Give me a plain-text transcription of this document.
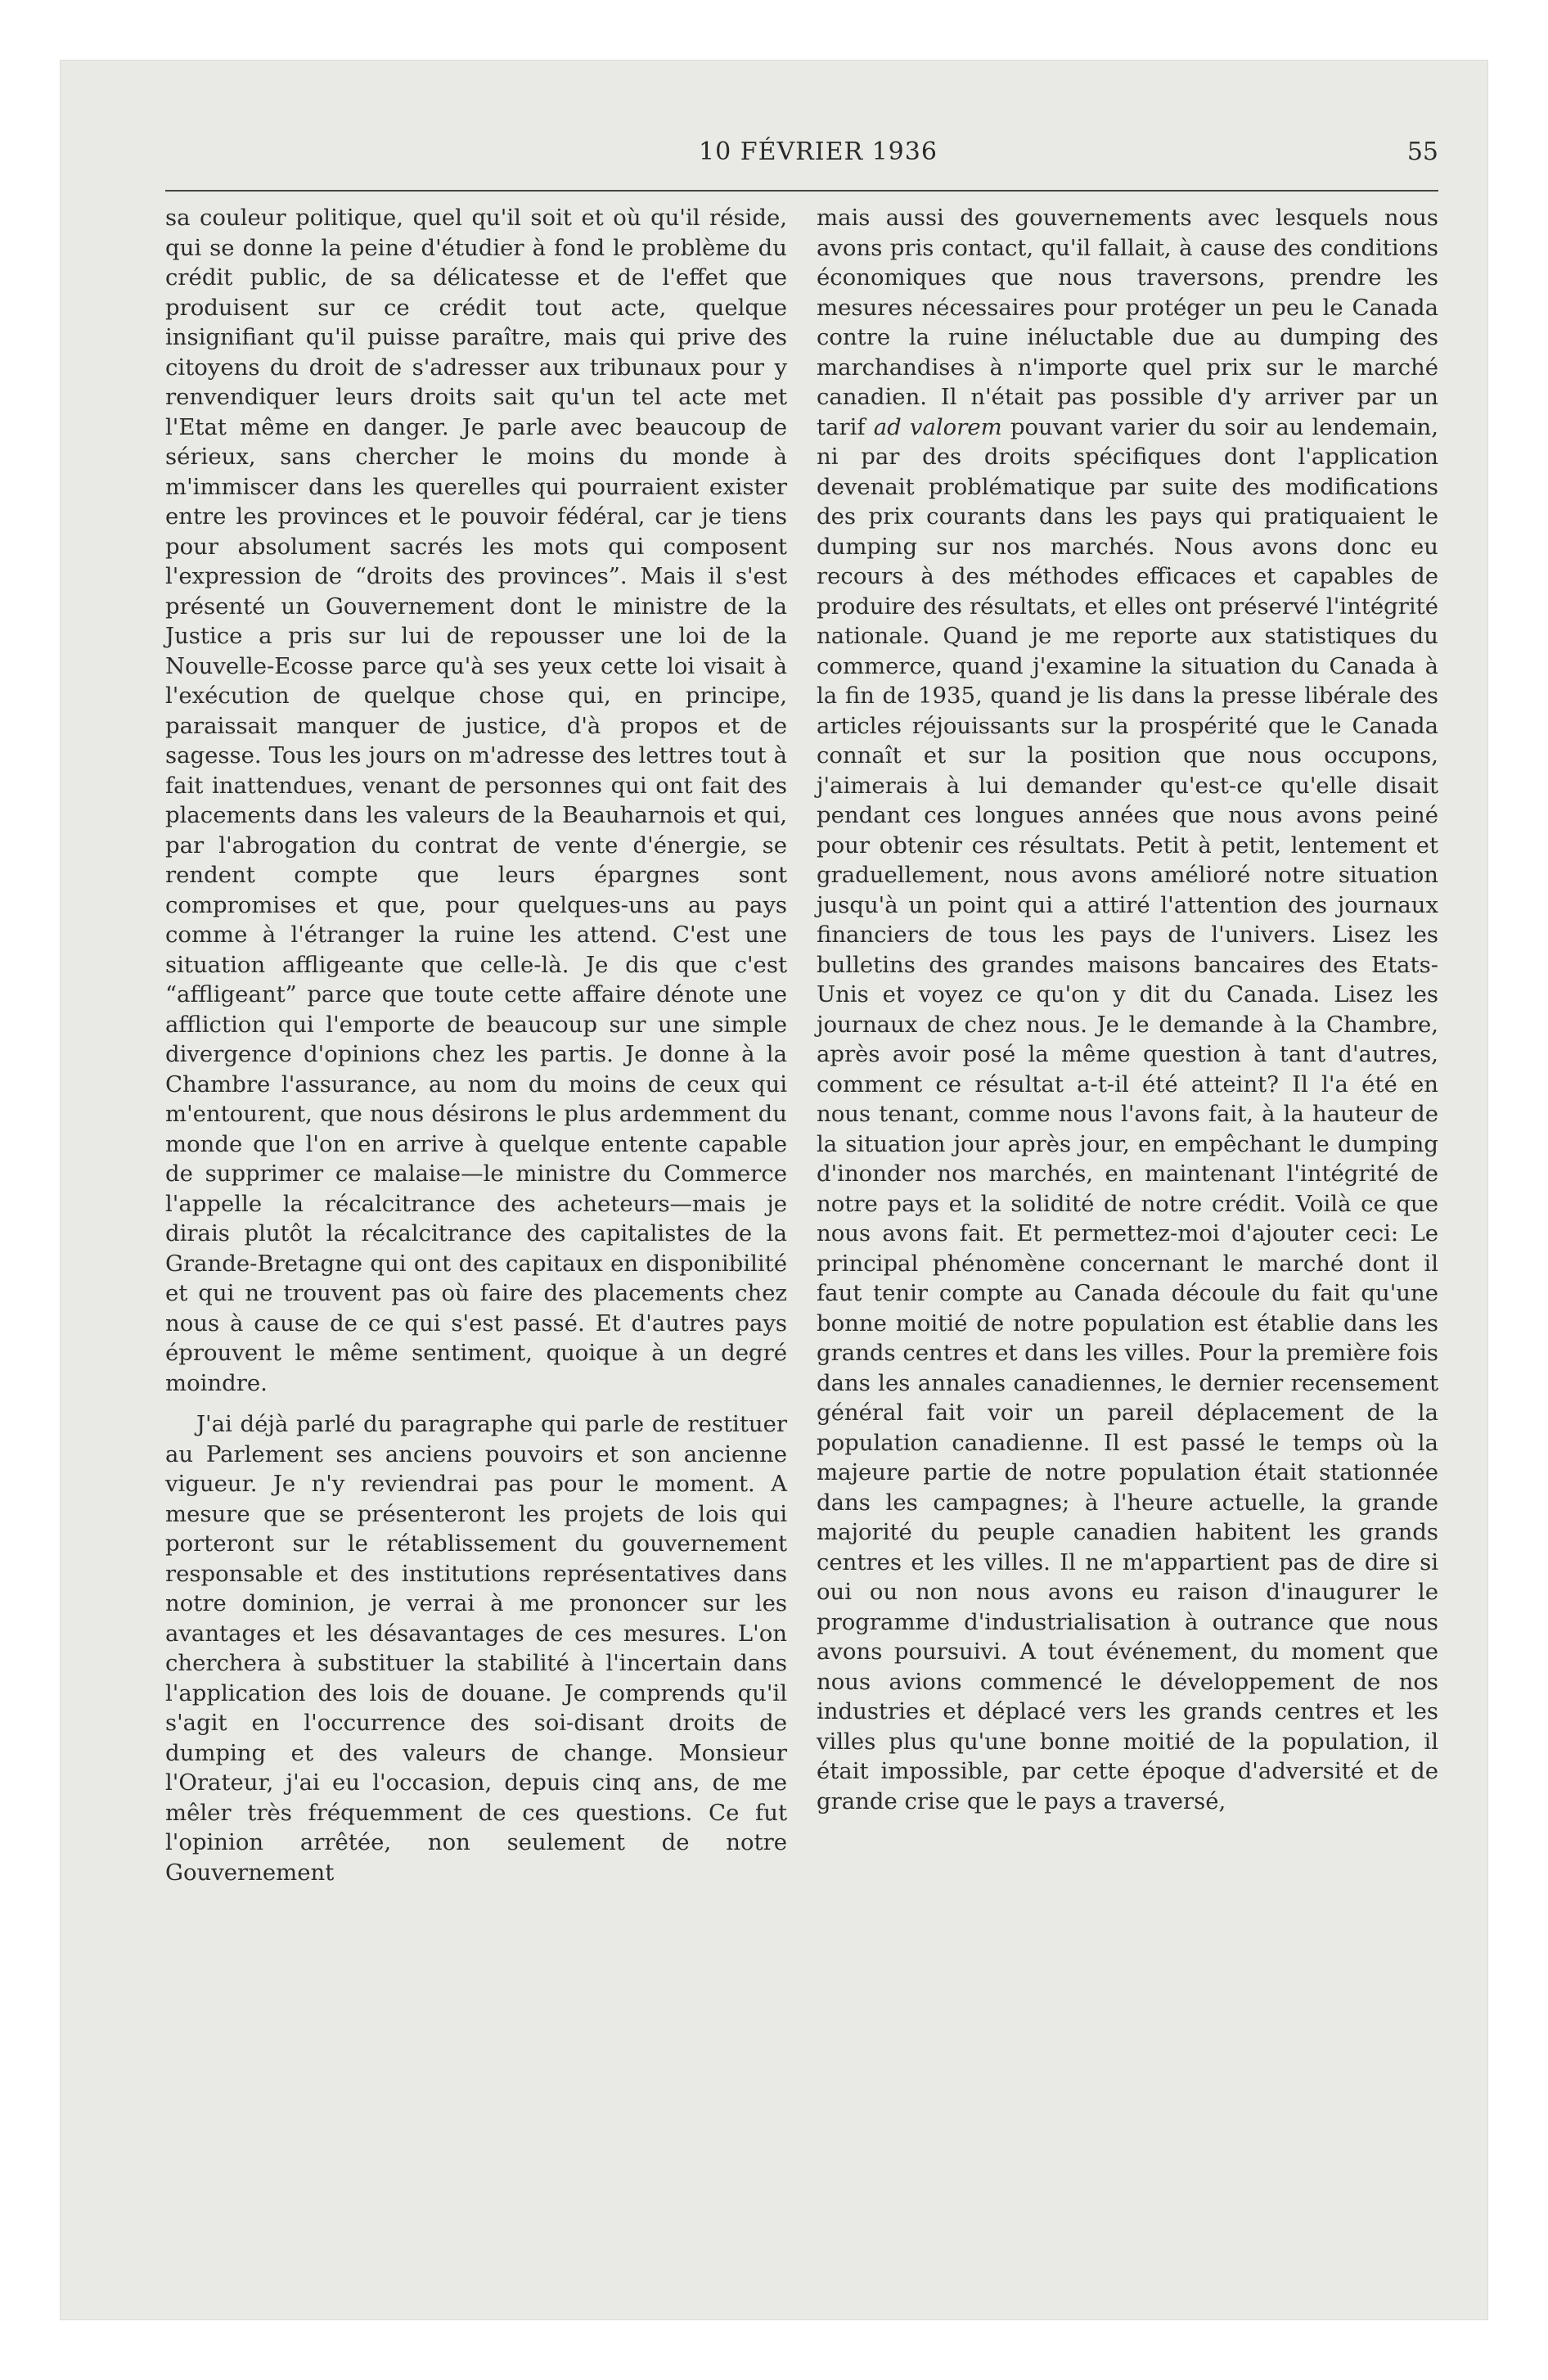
10 FÉVRIER 1936	55

sa couleur politique, quel qu'il soit et où qu'il réside, qui se donne la peine d'étudier à fond le problème du crédit public, de sa délicatesse et de l'effet que produisent sur ce crédit tout acte, quelque insignifiant qu'il puisse paraître, mais qui prive des citoyens du droit de s'adresser aux tribunaux pour y renvendiquer leurs droits sait qu'un tel acte met l'Etat même en danger. Je parle avec beaucoup de sérieux, sans chercher le moins du monde à m'immiscer dans les querelles qui pourraient exister entre les provinces et le pouvoir fédéral, car je tiens pour absolument sacrés les mots qui composent l'expression de “droits des provinces”. Mais il s'est présenté un Gouvernement dont le ministre de la Justice a pris sur lui de repousser une loi de la Nouvelle-Ecosse parce qu'à ses yeux cette loi visait à l'exécution de quelque chose qui, en principe, paraissait manquer de justice, d'à propos et de sagesse. Tous les jours on m'adresse des lettres tout à fait inattendues, venant de personnes qui ont fait des placements dans les valeurs de la Beauharnois et qui, par l'abrogation du contrat de vente d'énergie, se rendent compte que leurs épargnes sont compromises et que, pour quelques-uns au pays comme à l'étranger la ruine les attend. C'est une situation affligeante que celle-là. Je dis que c'est “affligeant” parce que toute cette affaire dénote une affliction qui l'emporte de beaucoup sur une simple divergence d'opinions chez les partis. Je donne à la Chambre l'assurance, au nom du moins de ceux qui m'entourent, que nous désirons le plus ardemment du monde que l'on en arrive à quelque entente capable de supprimer ce malaise—le ministre du Commerce l'appelle la récalcitrance des acheteurs—mais je dirais plutôt la récalcitrance des capitalistes de la Grande-Bretagne qui ont des capitaux en disponibilité et qui ne trouvent pas où faire des placements chez nous à cause de ce qui s'est passé. Et d'autres pays éprouvent le même sentiment, quoique à un degré moindre.

J'ai déjà parlé du paragraphe qui parle de restituer au Parlement ses anciens pouvoirs et son ancienne vigueur. Je n'y reviendrai pas pour le moment. A mesure que se présenteront les projets de lois qui porteront sur le rétablissement du gouvernement responsable et des institutions représentatives dans notre dominion, je verrai à me prononcer sur les avantages et les désavantages de ces mesures. L'on cherchera à substituer la stabilité à l'incertain dans l'application des lois de douane. Je comprends qu'il s'agit en l'occurrence des soi-disant droits de dumping et des valeurs de change. Monsieur l'Orateur, j'ai eu l'occasion, depuis cinq ans, de me mêler très fréquemment de ces questions. Ce fut l'opinion arrêtée, non seulement de notre Gouvernement

mais aussi des gouvernements avec lesquels nous avons pris contact, qu'il fallait, à cause des conditions économiques que nous traversons, prendre les mesures nécessaires pour protéger un peu le Canada contre la ruine inéluctable due au dumping des marchandises à n'importe quel prix sur le marché canadien. Il n'était pas possible d'y arriver par un tarif ad valorem pouvant varier du soir au lendemain, ni par des droits spécifiques dont l'application devenait problématique par suite des modifications des prix courants dans les pays qui pratiquaient le dumping sur nos marchés. Nous avons donc eu recours à des méthodes efficaces et capables de produire des résultats, et elles ont préservé l'intégrité nationale. Quand je me reporte aux statistiques du commerce, quand j'examine la situation du Canada à la fin de 1935, quand je lis dans la presse libérale des articles réjouissants sur la prospérité que le Canada connaît et sur la position que nous occupons, j'aimerais à lui demander qu'est-ce qu'elle disait pendant ces longues années que nous avons peiné pour obtenir ces résultats. Petit à petit, lentement et graduellement, nous avons amélioré notre situation jusqu'à un point qui a attiré l'attention des journaux financiers de tous les pays de l'univers. Lisez les bulletins des grandes maisons bancaires des Etats-Unis et voyez ce qu'on y dit du Canada. Lisez les journaux de chez nous. Je le demande à la Chambre, après avoir posé la même question à tant d'autres, comment ce résultat a-t-il été atteint? Il l'a été en nous tenant, comme nous l'avons fait, à la hauteur de la situation jour après jour, en empêchant le dumping d'inonder nos marchés, en maintenant l'intégrité de notre pays et la solidité de notre crédit. Voilà ce que nous avons fait. Et permettez-moi d'ajouter ceci: Le principal phénomène concernant le marché dont il faut tenir compte au Canada découle du fait qu'une bonne moitié de notre population est établie dans les grands centres et dans les villes. Pour la première fois dans les annales canadiennes, le dernier recensement général fait voir un pareil déplacement de la population canadienne. Il est passé le temps où la majeure partie de notre population était stationnée dans les campagnes; à l'heure actuelle, la grande majorité du peuple canadien habitent les grands centres et les villes. Il ne m'appartient pas de dire si oui ou non nous avons eu raison d'inaugurer le programme d'industrialisation à outrance que nous avons poursuivi. A tout événement, du moment que nous avions commencé le développement de nos industries et déplacé vers les grands centres et les villes plus qu'une bonne moitié de la population, il était impossible, par cette époque d'adversité et de grande crise que le pays a traversé,
